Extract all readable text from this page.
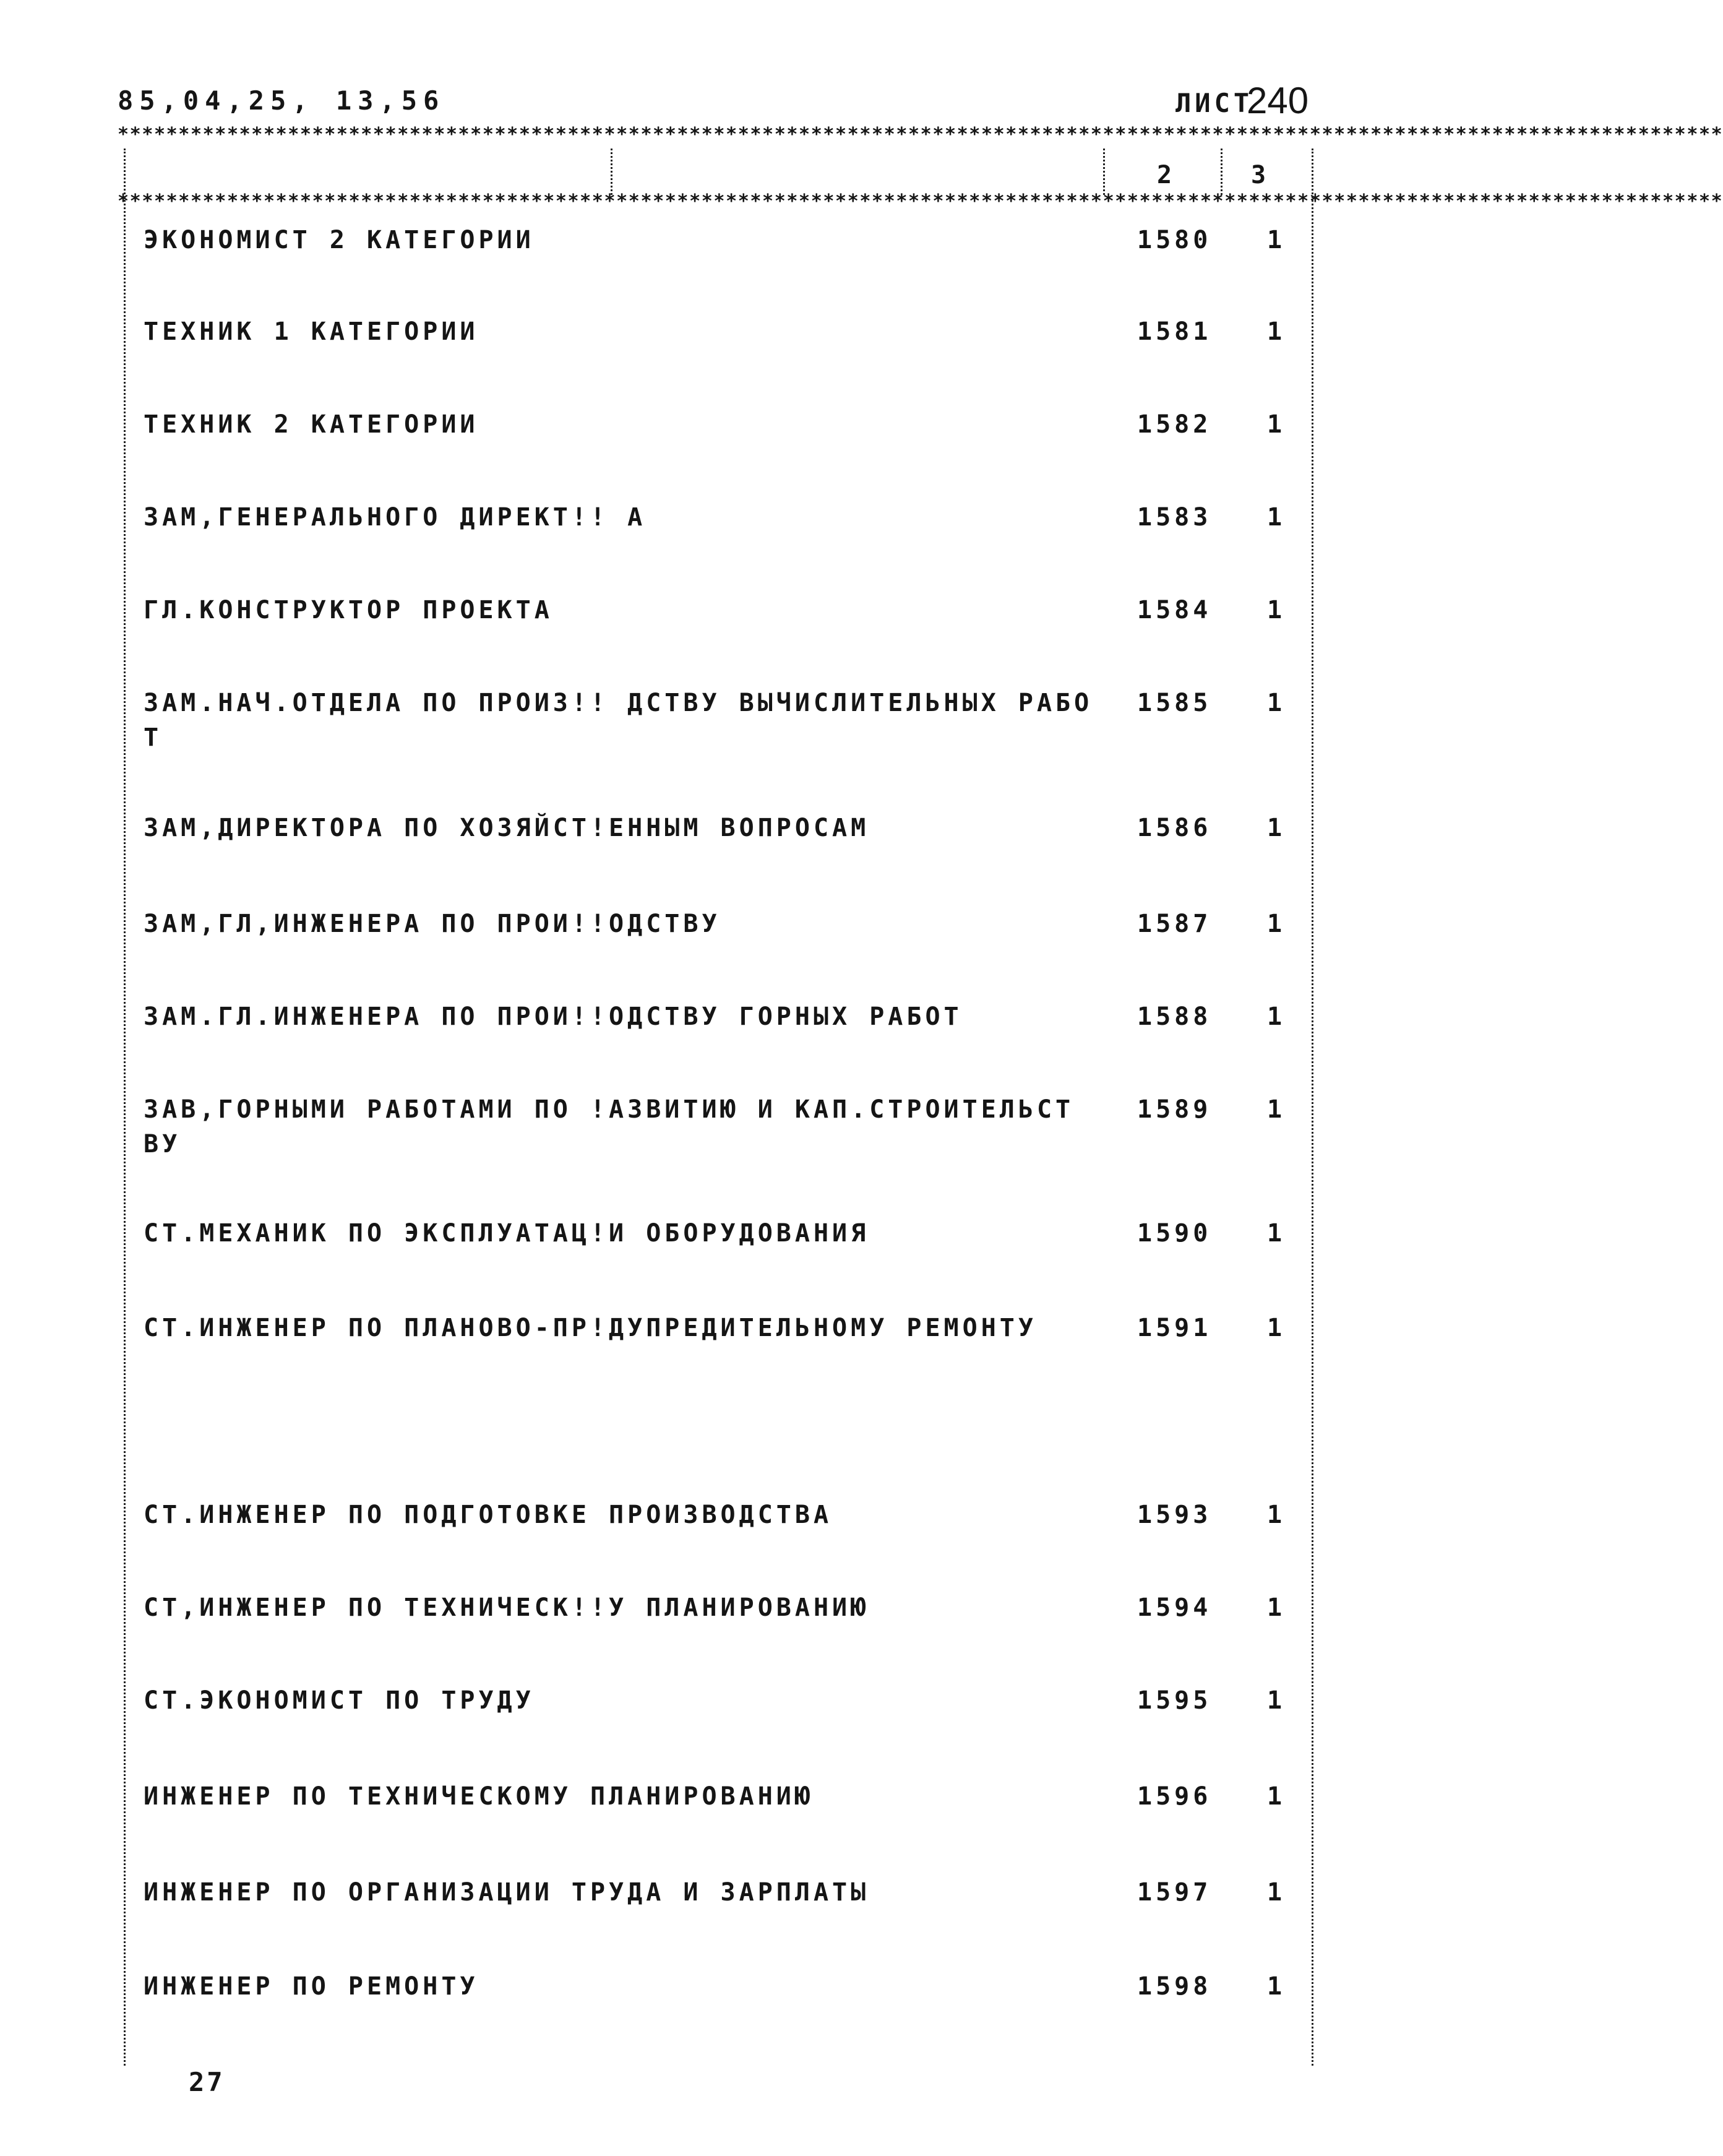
85,04,25, 13,56	ЛИСТ
240
************************************************************************************************************************************
************************************************************************************************************************************
2	3
ЭКОНОМИСТ 2 КАТЕГОРИИ	1580 1
ТЕХНИК 1 КАТЕГОРИИ	1581 1
ТЕХНИК 2 КАТЕГОРИИ	1582 1
ЗАМ,ГЕНЕРАЛЬНОГО ДИРЕКТ!! А	1583 1
ГЛ.КОНСТРУКТОР ПРОЕКТА	1584 1
ЗАМ.НАЧ.ОТДЕЛА ПО ПРОИЗ!! ДСТВУ ВЫЧИСЛИТЕЛЬНЫХ РАБО Т
1585 1
ЗАМ,ДИРЕКТОРА ПО ХОЗЯЙСТ!ЕННЫМ ВОПРОСАМ	1586 1
ЗАМ,ГЛ,ИНЖЕНЕРА ПО ПРОИ!!ОДСТВУ	1587 1
ЗАМ.ГЛ.ИНЖЕНЕРА ПО ПРОИ!!ОДСТВУ ГОРНЫХ РАБОТ	1588 1
ЗАВ,ГОРНЫМИ РАБОТАМИ ПО !АЗВИТИЮ И КАП.СТРОИТЕЛЬСТ ВУ
1589 1
СТ.МЕХАНИК ПО ЭКСПЛУАТАЦ!И ОБОРУДОВАНИЯ	1590 1
СТ.ИНЖЕНЕР ПО ПЛАНОВО-ПР!ДУПРЕДИТЕЛЬНОМУ РЕМОНТУ	1591 1
СТ.ИНЖЕНЕР ПО ПОДГОТОВКЕ ПРОИЗВОДСТВА	1593 1
СТ,ИНЖЕНЕР ПО ТЕХНИЧЕСК!!У ПЛАНИРОВАНИЮ	1594 1
СТ.ЭКОНОМИСТ ПО ТРУДУ	1595 1
ИНЖЕНЕР ПО ТЕХНИЧЕСКОМУ ПЛАНИРОВАНИЮ	1596 1
ИНЖЕНЕР ПО ОРГАНИЗАЦИИ ТРУДА И ЗАРПЛАТЫ	1597 1
ИНЖЕНЕР ПО РЕМОНТУ	1598 1
27
